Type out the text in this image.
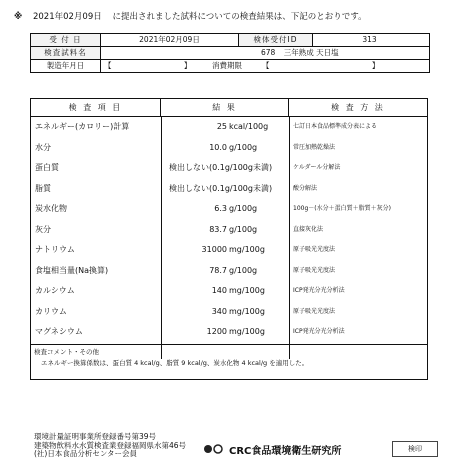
※ 2021年02月09日 に提出されました試料についての検査結果は、下記のとおりです。
受 付 日	2021年02月09日	検体受付ID	313
検査試料名	678 三年熟成 天日塩
製造年月日	【	】	消費期限	【	】
検 査 項 目	結 果	検 査 方 法
エネルギー(カロリー)計算	25 kcal/100g	七訂日本食品標準成分表による
水分	10.0 g/100g	常圧加熱乾燥法
蛋白質	検出しない(0.1g/100g未満)	ケルダール分解法
脂質	検出しない(0.1g/100g未満)	酸分解法
炭水化物	6.3 g/100g	100g－(水分＋蛋白質＋脂質＋灰分)
灰分	83.7 g/100g	直接灰化法
ナトリウム	31000 mg/100g	原子吸光光度法
食塩相当量(Na換算)	78.7 g/100g	原子吸光光度法
カルシウム	140 mg/100g	ICP発光分光分析法
カリウム	340 mg/100g	原子吸光光度法
マグネシウム	1200 mg/100g	ICP発光分光分析法
検査コメント・その他
エネルギー換算係数は、蛋白質 4 kcal/g、脂質 9 kcal/g、炭水化物 4 kcal/g を適用した。
環境計量証明事業所登録番号第39号
建築物飲料水水質検査業登録福岡県水第46号
(社)日本食品分析センター会員	CRC食品環境衛生研究所	検印
